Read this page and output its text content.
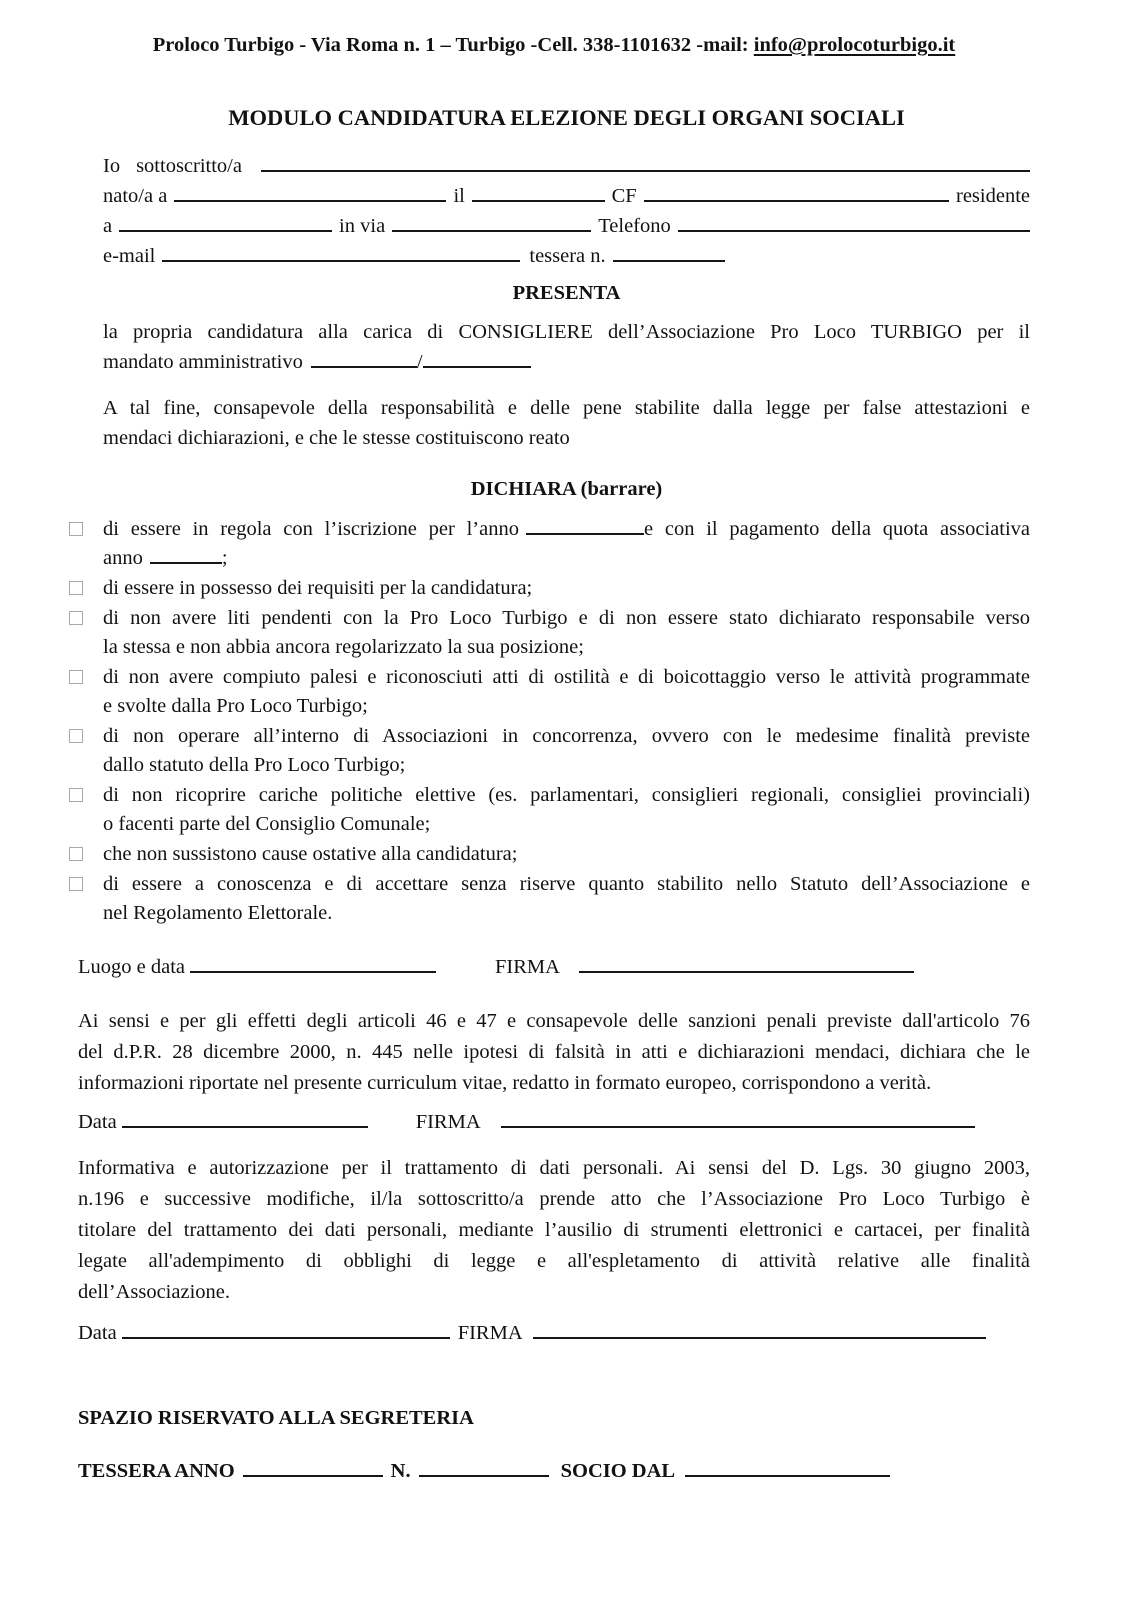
Proloco Turbigo - Via Roma n. 1 – Turbigo -Cell. 338-1101632 -mail: info@prolocoturbigo.it
MODULO CANDIDATURA ELEZIONE DEGLI ORGANI SOCIALI
Io sottoscritto/a
nato/a a	il	CF	residente
a	in via	Telefono
e-mail	tessera n.
PRESENTA
la propria candidatura alla carica di CONSIGLIERE dell’Associazione Pro Loco TURBIGO per il
mandato amministrativo	/
A tal fine, consapevole della responsabilità e delle pene stabilite dalla legge per false attestazioni e
mendaci dichiarazioni, e che le stesse costituiscono reato
DICHIARA (barrare)
di essere in regola con l’iscrizione per l’anno	e con il pagamento della quota associativa
anno	;
di essere in possesso dei requisiti per la candidatura;
di non avere liti pendenti con la Pro Loco Turbigo e di non essere stato dichiarato responsabile verso
la stessa e non abbia ancora regolarizzato la sua posizione;
di non avere compiuto palesi e riconosciuti atti di ostilità e di boicottaggio verso le attività programmate
e svolte dalla Pro Loco Turbigo;
di non operare all’interno di Associazioni in concorrenza, ovvero con le medesime finalità previste
dallo statuto della Pro Loco Turbigo;
di non ricoprire cariche politiche elettive (es. parlamentari, consiglieri regionali, consigliei provinciali)
o facenti parte del Consiglio Comunale;
che non sussistono cause ostative alla candidatura;
di essere a conoscenza e di accettare senza riserve quanto stabilito nello Statuto dell’Associazione e
nel Regolamento Elettorale.
Luogo e data	FIRMA
Ai sensi e per gli effetti degli articoli 46 e 47 e consapevole delle sanzioni penali previste dall'articolo 76
del d.P.R. 28 dicembre 2000, n. 445 nelle ipotesi di falsità in atti e dichiarazioni mendaci, dichiara che le
informazioni riportate nel presente curriculum vitae, redatto in formato europeo, corrispondono a verità.
Data	FIRMA
Informativa e autorizzazione per il trattamento di dati personali. Ai sensi del D. Lgs. 30 giugno 2003,
n.196 e successive modifiche, il/la sottoscritto/a prende atto che l’Associazione Pro Loco Turbigo è
titolare del trattamento dei dati personali, mediante l’ausilio di strumenti elettronici e cartacei, per finalità
legate all'adempimento di obblighi di legge e all'espletamento di attività relative alle finalità
dell’Associazione.
Data	FIRMA
SPAZIO RISERVATO ALLA SEGRETERIA
TESSERA ANNO	N.	SOCIO DAL
